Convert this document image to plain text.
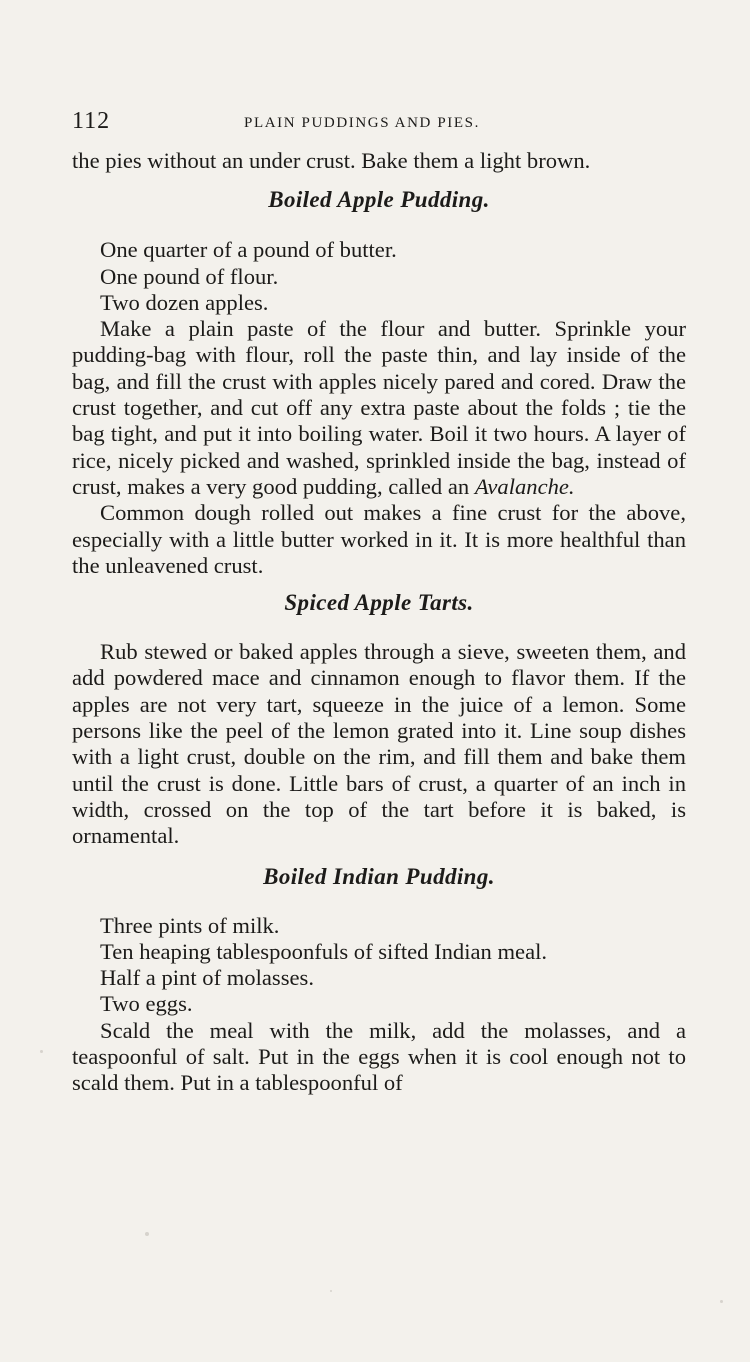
112	PLAIN PUDDINGS AND PIES.

the pies without an under crust. Bake them a light brown.

Boiled Apple Pudding.

One quarter of a pound of butter.

One pound of flour.

Two dozen apples.

Make a plain paste of the flour and butter. Sprinkle your pudding-bag with flour, roll the paste thin, and lay inside of the bag, and fill the crust with apples nicely pared and cored. Draw the crust together, and cut off any extra paste about the folds ; tie the bag tight, and put it into boiling water. Boil it two hours. A layer of rice, nicely picked and washed, sprinkled inside the bag, instead of crust, makes a very good pudding, called an Avalanche.

Common dough rolled out makes a fine crust for the above, especially with a little butter worked in it. It is more healthful than the unleavened crust.

Spiced Apple Tarts.

Rub stewed or baked apples through a sieve, sweeten them, and add powdered mace and cinnamon enough to flavor them. If the apples are not very tart, squeeze in the juice of a lemon. Some persons like the peel of the lemon grated into it. Line soup dishes with a light crust, double on the rim, and fill them and bake them until the crust is done. Little bars of crust, a quarter of an inch in width, crossed on the top of the tart before it is baked, is ornamental.

Boiled Indian Pudding.

Three pints of milk.

Ten heaping tablespoonfuls of sifted Indian meal.

Half a pint of molasses.

Two eggs.

Scald the meal with the milk, add the molasses, and a teaspoonful of salt. Put in the eggs when it is cool enough not to scald them. Put in a tablespoonful of
